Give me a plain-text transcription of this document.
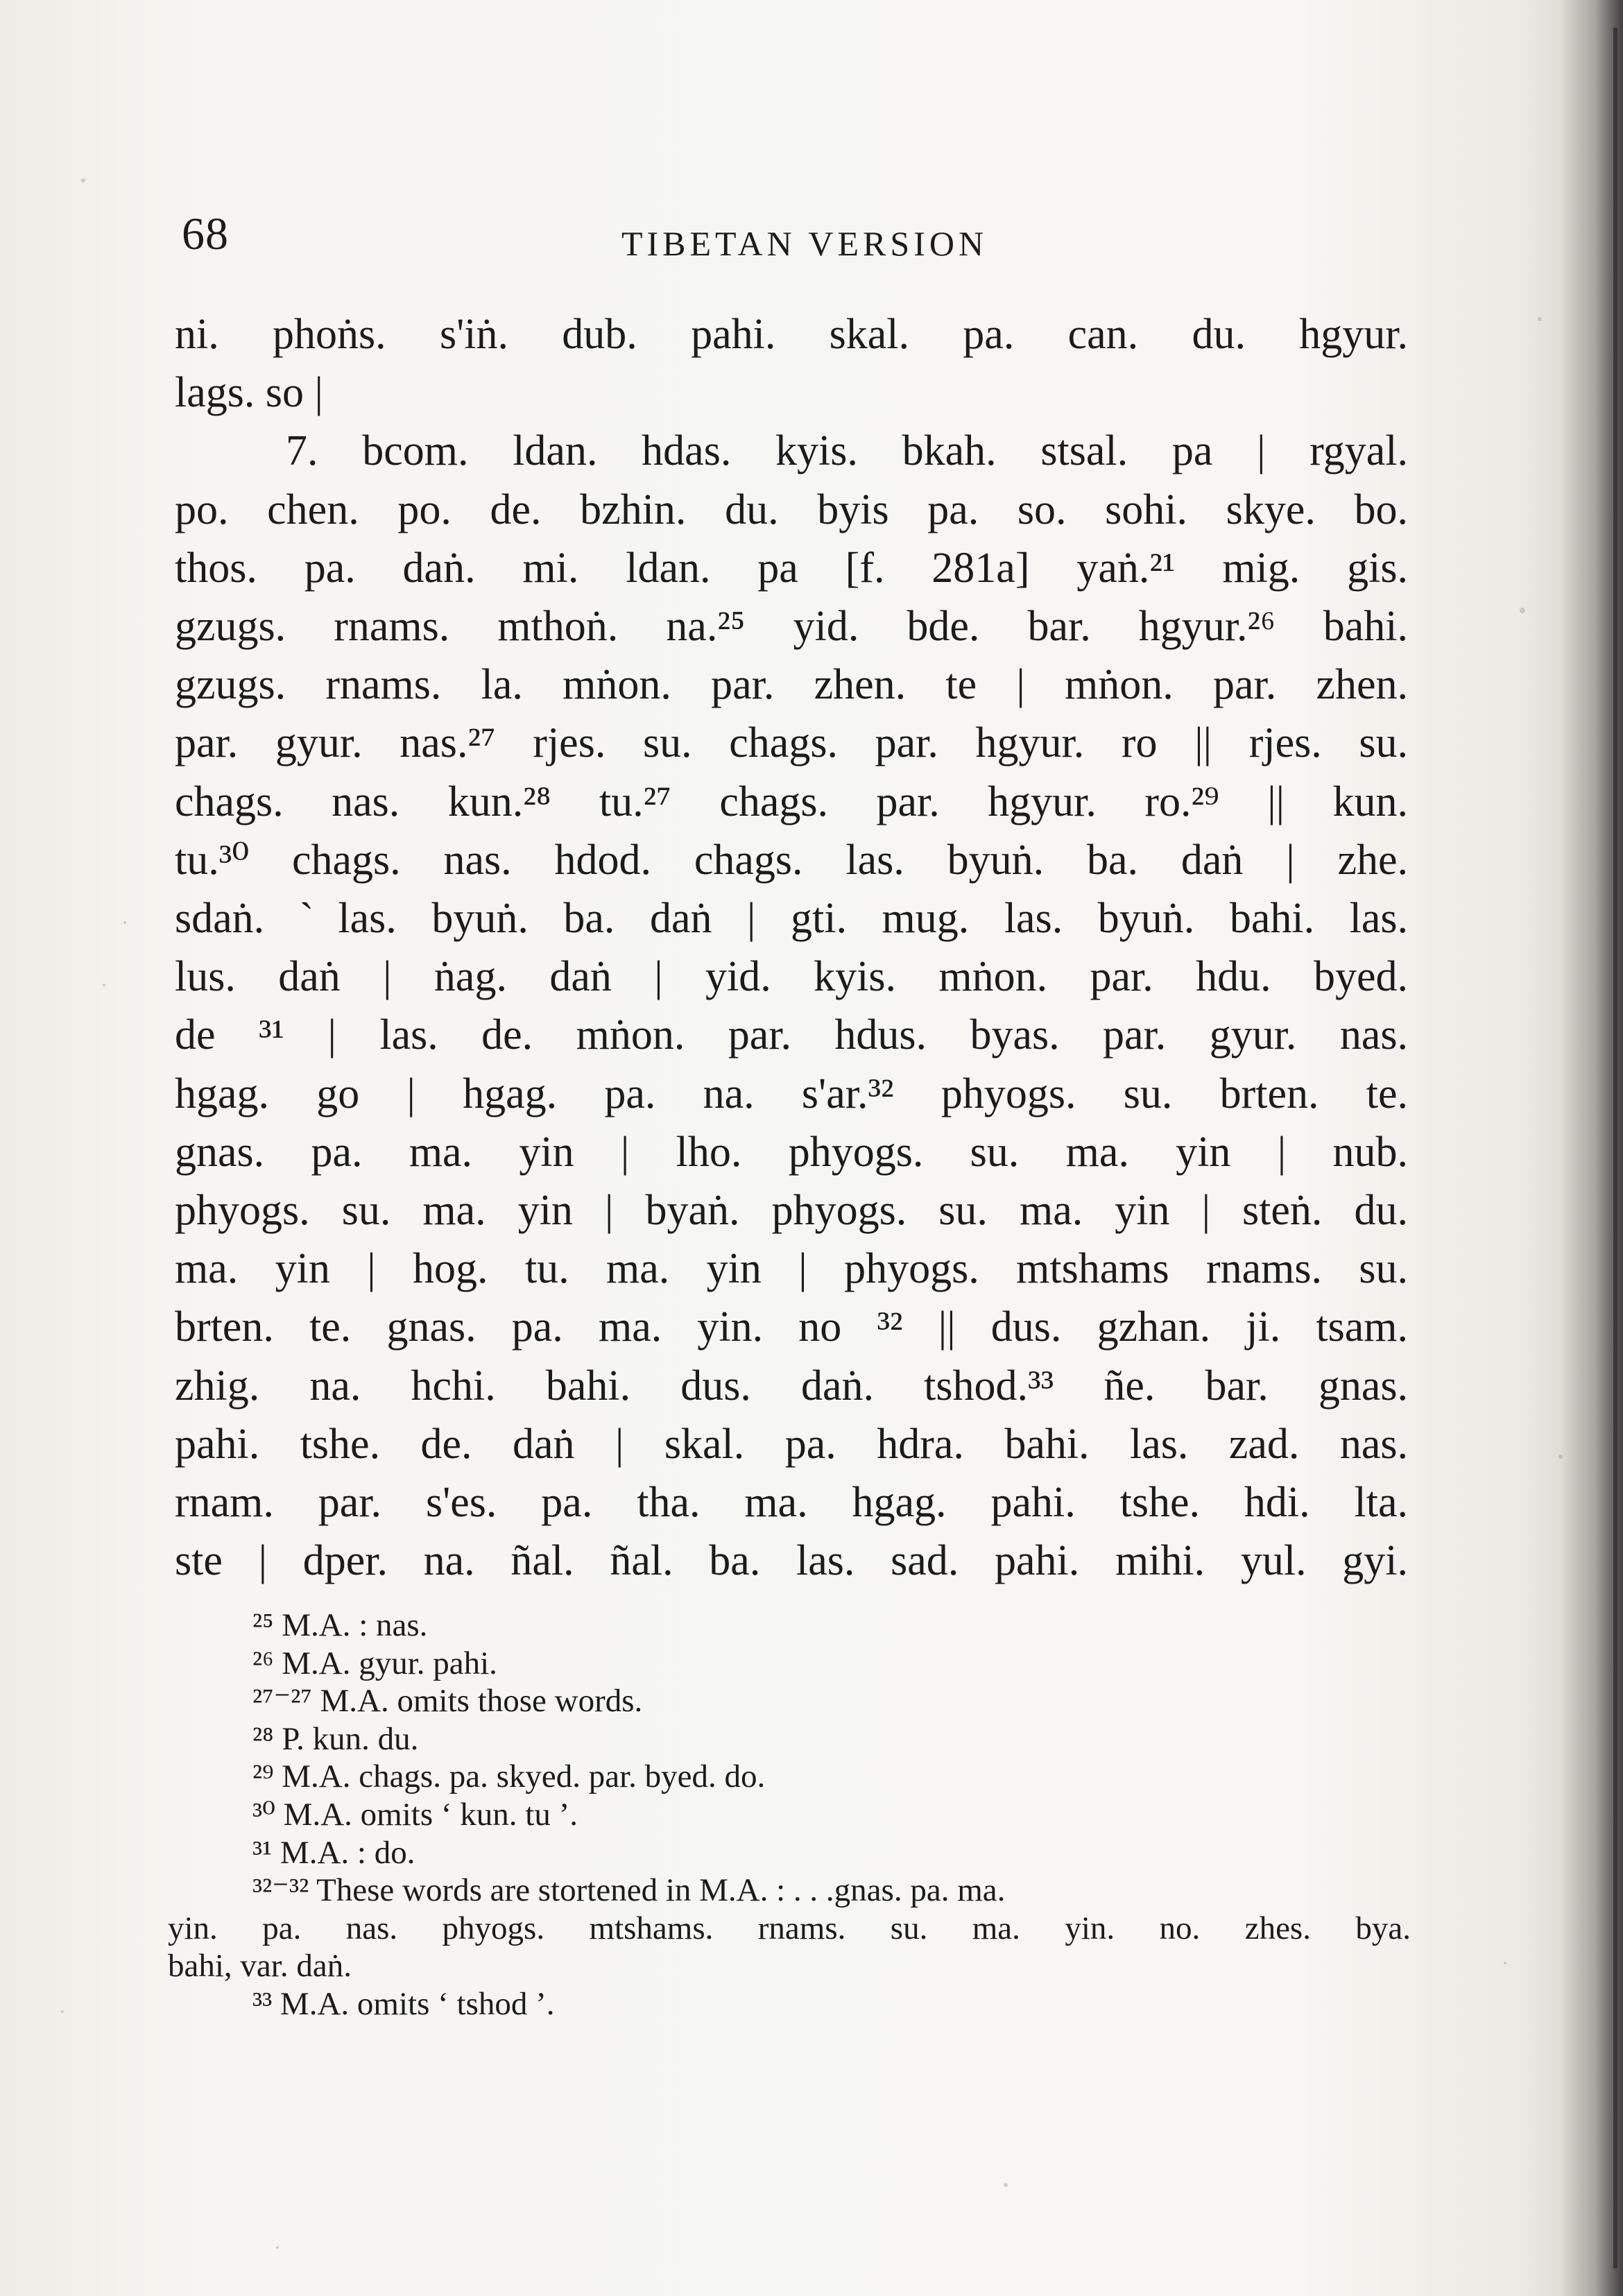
68	TIBETAN VERSION
ni. phoṅs. s'iṅ. dub. pahi. skal. pa. can. du. hgyur.
lags. so |
7. bcom. ldan. hdas. kyis. bkah. stsal. pa | rgyal.
po. chen. po. de. bzhin. du. byis pa. so. sohi. skye. bo.
thos. pa. daṅ. mi. ldan. pa [f. 281a] yaṅ.²¹ mig. gis.
gzugs. rnams. mthoṅ. na.²⁵ yid. bde. bar. hgyur.²⁶ bahi.
gzugs. rnams. la. mṅon. par. zhen. te | mṅon. par. zhen.
par. gyur. nas.²⁷ rjes. su. chags. par. hgyur. ro || rjes. su.
chags. nas. kun.²⁸ tu.²⁷ chags. par. hgyur. ro.²⁹ || kun.
tu.³⁰ chags. nas. hdod. chags. las. byuṅ. ba. daṅ | zhe.
sdaṅ. ˋlas. byuṅ. ba. daṅ | gti. mug. las. byuṅ. bahi. las.
lus. daṅ | ṅag. daṅ | yid. kyis. mṅon. par. hdu. byed.
de ³¹ | las. de. mṅon. par. hdus. byas. par. gyur. nas.
hgag. go | hgag. pa. na. s'ar.³² phyogs. su. brten. te.
gnas. pa. ma. yin | lho. phyogs. su. ma. yin | nub.
phyogs. su. ma. yin | byaṅ. phyogs. su. ma. yin | steṅ. du.
ma. yin | hog. tu. ma. yin | phyogs. mtshams rnams. su.
brten. te. gnas. pa. ma. yin. no ³² || dus. gzhan. ji. tsam.
zhig. na. hchi. bahi. dus. daṅ. tshod.³³ ñe. bar. gnas.
pahi. tshe. de. daṅ | skal. pa. hdra. bahi. las. zad. nas.
rnam. par. s'es. pa. tha. ma. hgag. pahi. tshe. hdi. lta.
ste | dper. na. ñal. ñal. ba. las. sad. pahi. mihi. yul. gyi.
²⁵ M.A. : nas.
²⁶ M.A. gyur. pahi.
²⁷⁻²⁷ M.A. omits those words.
²⁸ P. kun. du.
²⁹ M.A. chags. pa. skyed. par. byed. do.
³⁰ M.A. omits ‘ kun. tu ’.
³¹ M.A. : do.
³²⁻³² These words are stortened in M.A. : . . .gnas. pa. ma.
yin. pa. nas. phyogs. mtshams. rnams. su. ma. yin. no. zhes. bya.
bahi, var. daṅ.
³³ M.A. omits ‘ tshod ’.
